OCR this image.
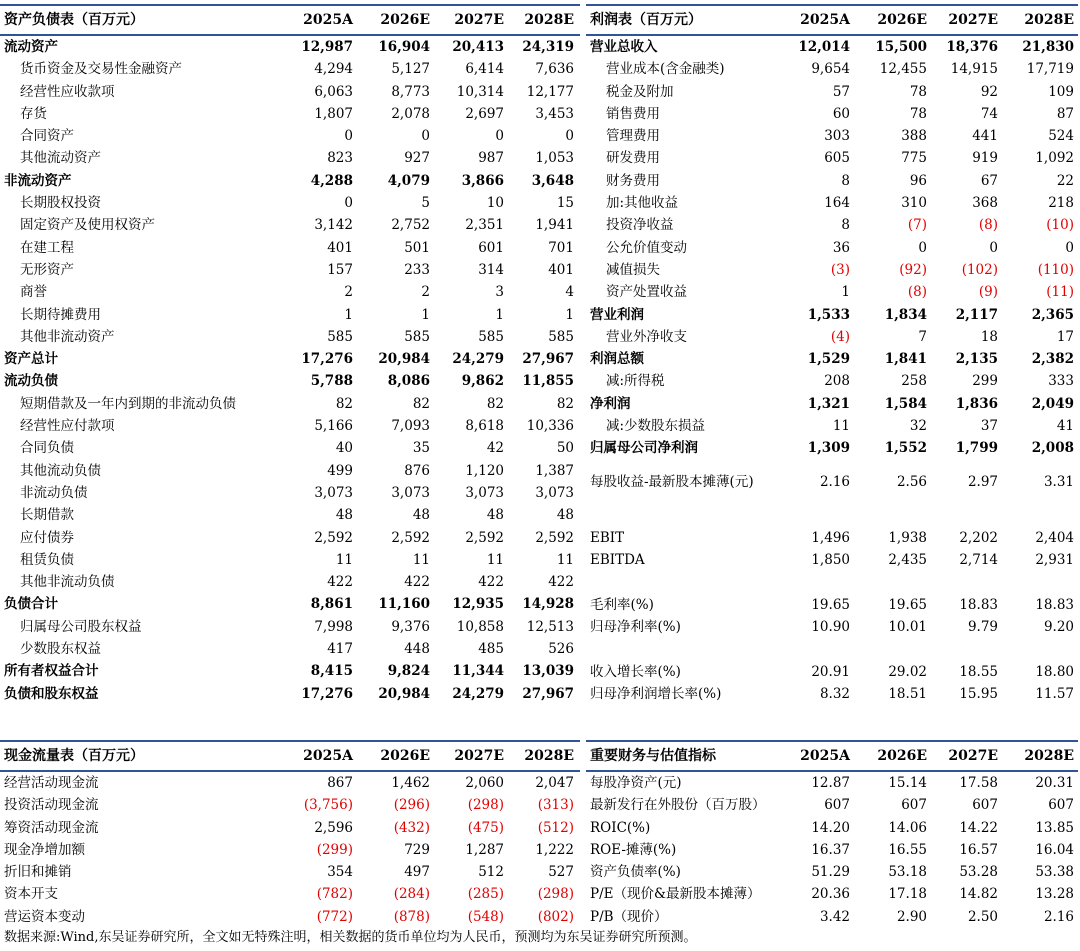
资产负债表（百万元）	2025A 2026E 2027E 2028E
流动资产	12,987 16,904 20,413 24,319
货币资金及交易性金融资产	4,294	5,127	6,414 7,636
经营性应收款项	6,063	8,773 10,314 12,177
存货	1,807	2,078	2,697 3,453
合同资产	0	0	0	0
其他流动资产	823	927	987 1,053
非流动资产	4,288	4,079 3,866 3,648
长期股权投资	0	5	10	15
固定资产及使用权资产	3,142	2,752	2,351 1,941
在建工程	401	501	601	701
无形资产	157	233	314	401
商誉	2	2	3	4
长期待摊费用	1	1	1	1
其他非流动资产	585	585	585	585
资产总计	17,276 20,984 24,279 27,967
流动负债	5,788	8,086 9,862 11,855
短期借款及一年内到期的非流动负债	82	82	82	82
经营性应付款项	5,166	7,093	8,618 10,336
合同负债	40	35	42	50
其他流动负债	499	876	1,120 1,387
非流动负债	3,073	3,073	3,073 3,073
长期借款	48	48	48	48
应付债券	2,592	2,592	2,592 2,592
租赁负债	11	11	11	11
其他非流动负债	422	422	422	422
负债合计	8,861 11,160 12,935 14,928
归属母公司股东权益	7,998	9,376 10,858 12,513
少数股东权益	417	448	485	526
所有者权益合计	8,415	9,824 11,344 13,039
负债和股东权益	17,276 20,984 24,279 27,967
利润表（百万元）	2025A 2026E 2027E 2028E
营业总收入	12,014 15,500 18,376 21,830
营业成本(含金融类)	9,654 12,455 14,915 17,719
税金及附加	57	78	92	109
销售费用	60	78	74	87
管理费用	303	388	441	524
研发费用	605	775	919	1,092
财务费用	8	96	67	22
加:其他收益	164	310	368	218
投资净收益	8	(7)	(8)	(10)
公允价值变动	36	0	0	0
减值损失	(3)	(92)	(102)	(110)
资产处置收益	1	(8)	(9)	(11)
营业利润	1,533	1,834 2,117 2,365
营业外净收支	(4)	7	18	17
利润总额	1,529	1,841 2,135 2,382
减:所得税	208	258	299	333
净利润	1,321	1,584 1,836 2,049
减:少数股东损益	11	32	37	41
归属母公司净利润	1,309	1,552 1,799 2,008
每股收益-最新股本摊薄(元)	2.16	2.56	2.97	3.31
EBIT	1,496	1,938 2,202	2,404
EBITDA	1,850	2,435 2,714	2,931
毛利率(%)	19.65	19.65 18.83	18.83
归母净利率(%)	10.90	10.01	9.79	9.20
收入增长率(%)	20.91	29.02 18.55	18.80
归母净利润增长率(%)	8.32	18.51 15.95	11.57
现金流量表（百万元）	2025A 2026E 2027E 2028E
经营活动现金流	867	1,462	2,060 2,047
投资活动现金流	(3,756)	(296)	(298) (313)
筹资活动现金流	2,596	(432)	(475) (512)
现金净增加额	(299)	729	1,287 1,222
折旧和摊销	354	497	512	527
资本开支	(782)	(284)	(285) (298)
营运资本变动	(772)	(878)	(548) (802)
重要财务与估值指标	2025A 2026E 2027E 2028E
每股净资产(元)	12.87	15.14 17.58	20.31
最新发行在外股份（百万股）	607	607	607	607
ROIC(%)	14.20	14.06 14.22	13.85
ROE-摊薄(%)	16.37	16.55 16.57	16.04
资产负债率(%)	51.29	53.18 53.28	53.38
P/E（现价&最新股本摊薄）	20.36	17.18 14.82	13.28
P/B（现价）	3.42	2.90	2.50	2.16
数据来源:Wind,东吴证券研究所，全文如无特殊注明，相关数据的货币单位均为人民币，预测均为东吴证券研究所预测。
